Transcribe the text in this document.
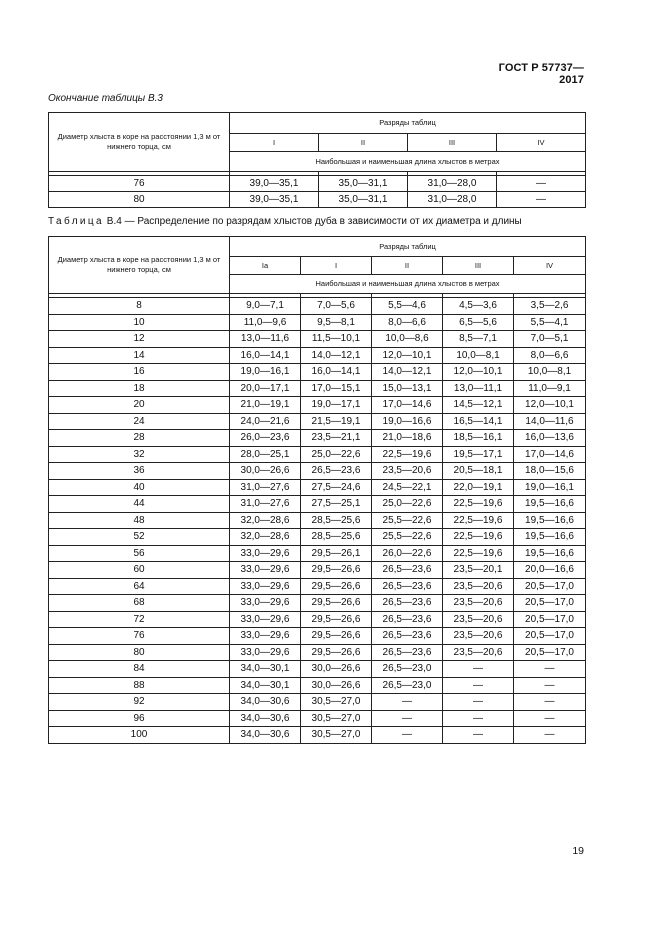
ГОСТ Р 57737—2017
Окончание таблицы В.3
Диаметр хлыста в коре на расстоянии 1,3 м от нижнего торца, см	Разряды таблиц			
	I	II	III	IV
	Наибольшая и наименьшая длина хлыстов в метрах			

76	39,0—35,1	35,0—31,1	31,0—28,0	—
80	39,0—35,1	35,0—31,1	31,0—28,0	—
Таблица В.4 — Распределение по разрядам хлыстов дуба в зависимости от их диаметра и длины
Диаметр хлыста в коре на расстоянии 1,3 м от нижнего торца, см	Разряды таблиц				
	Ia	I	II	III	IV
	Наибольшая и наименьшая длина хлыстов в метрах				

8	9,0—7,1	7,0—5,6	5,5—4,6	4,5—3,6	3,5—2,6
10	11,0—9,6	9,5—8,1	8,0—6,6	6,5—5,6	5,5—4,1
12	13,0—11,6	11,5—10,1	10,0—8,6	8,5—7,1	7,0—5,1
14	16,0—14,1	14,0—12,1	12,0—10,1	10,0—8,1	8,0—6,6
16	19,0—16,1	16,0—14,1	14,0—12,1	12,0—10,1	10,0—8,1
18	20,0—17,1	17,0—15,1	15,0—13,1	13,0—11,1	11,0—9,1
20	21,0—19,1	19,0—17,1	17,0—14,6	14,5—12,1	12,0—10,1
24	24,0—21,6	21,5—19,1	19,0—16,6	16,5—14,1	14,0—11,6
28	26,0—23,6	23,5—21,1	21,0—18,6	18,5—16,1	16,0—13,6
32	28,0—25,1	25,0—22,6	22,5—19,6	19,5—17,1	17,0—14,6
36	30,0—26,6	26,5—23,6	23,5—20,6	20,5—18,1	18,0—15,6
40	31,0—27,6	27,5—24,6	24,5—22,1	22,0—19,1	19,0—16,1
44	31,0—27,6	27,5—25,1	25,0—22,6	22,5—19,6	19,5—16,6
48	32,0—28,6	28,5—25,6	25,5—22,6	22,5—19,6	19,5—16,6
52	32,0—28,6	28,5—25,6	25,5—22,6	22,5—19,6	19,5—16,6
56	33,0—29,6	29,5—26,1	26,0—22,6	22,5—19,6	19,5—16,6
60	33,0—29,6	29,5—26,6	26,5—23,6	23,5—20,1	20,0—16,6
64	33,0—29,6	29,5—26,6	26,5—23,6	23,5—20,6	20,5—17,0
68	33,0—29,6	29,5—26,6	26,5—23,6	23,5—20,6	20,5—17,0
72	33,0—29,6	29,5—26,6	26,5—23,6	23,5—20,6	20,5—17,0
76	33,0—29,6	29,5—26,6	26,5—23,6	23,5—20,6	20,5—17,0
80	33,0—29,6	29,5—26,6	26,5—23,6	23,5—20,6	20,5—17,0
84	34,0—30,1	30,0—26,6	26,5—23,0	—	—
88	34,0—30,1	30,0—26,6	26,5—23,0	—	—
92	34,0—30,6	30,5—27,0	—	—	—
96	34,0—30,6	30,5—27,0	—	—	—
100	34,0—30,6	30,5—27,0	—	—	—
19
